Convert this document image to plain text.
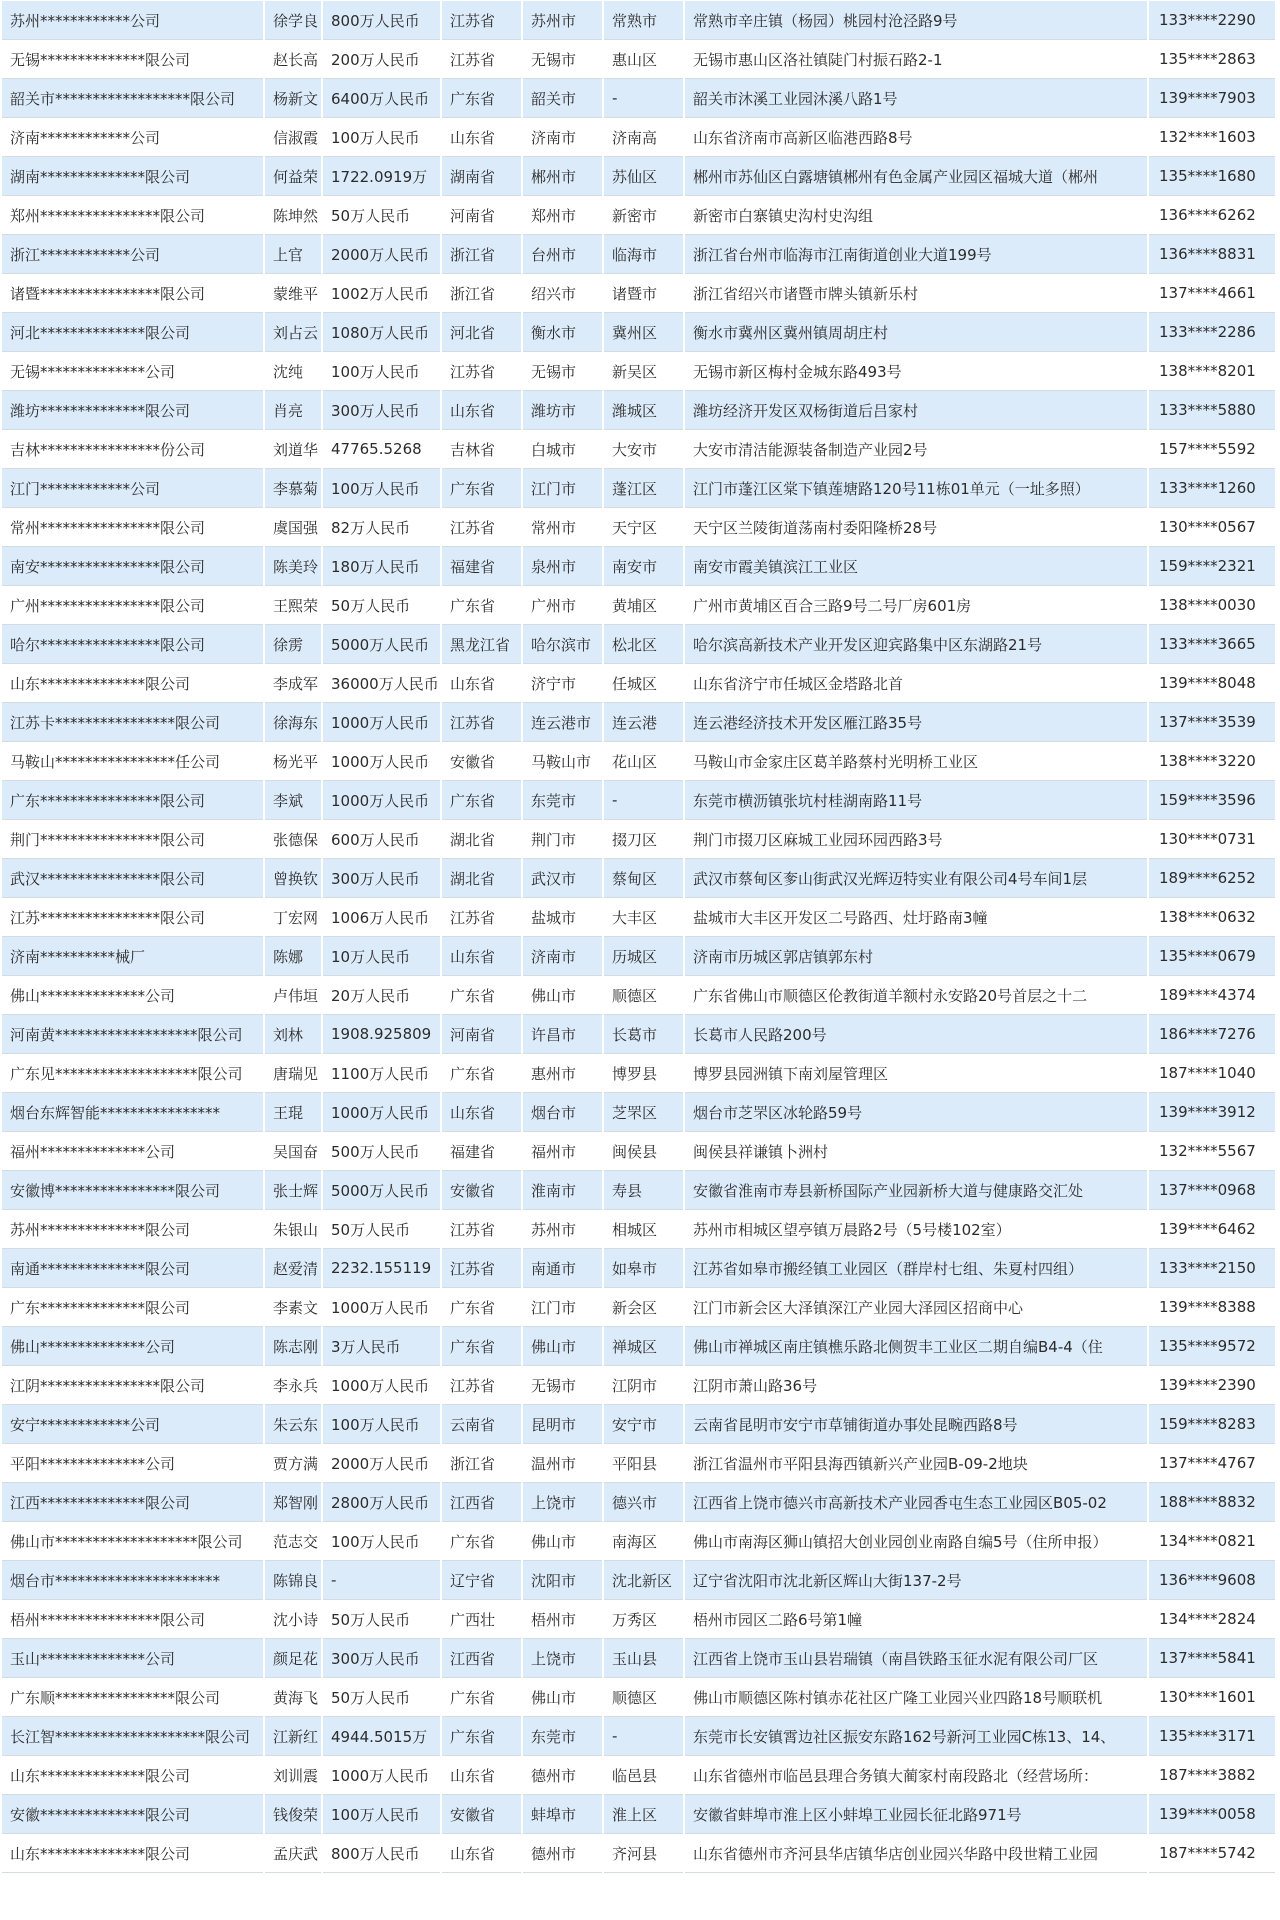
苏州************公司	徐学良	800万人民币	江苏省	苏州市	常熟市	常熟市辛庄镇（杨园）桃园村沧泾路9号	133****2290
无锡**************限公司	赵长高	200万人民币	江苏省	无锡市	惠山区	无锡市惠山区洛社镇陡门村振石路2-1	135****2863
韶关市******************限公司	杨新文	6400万人民币	广东省	韶关市	-	韶关市沐溪工业园沐溪八路1号	139****7903
济南************公司	信淑霞	100万人民币	山东省	济南市	济南高	山东省济南市高新区临港西路8号	132****1603
湖南**************限公司	何益荣	1722.0919万	湖南省	郴州市	苏仙区	郴州市苏仙区白露塘镇郴州有色金属产业园区福城大道（郴州	135****1680
郑州****************限公司	陈坤然	50万人民币	河南省	郑州市	新密市	新密市白寨镇史沟村史沟组	136****6262
浙江************公司	上官	2000万人民币	浙江省	台州市	临海市	浙江省台州市临海市江南街道创业大道199号	136****8831
诸暨****************限公司	蒙维平	1002万人民币	浙江省	绍兴市	诸暨市	浙江省绍兴市诸暨市牌头镇新乐村	137****4661
河北**************限公司	刘占云	1080万人民币	河北省	衡水市	冀州区	衡水市冀州区冀州镇周胡庄村	133****2286
无锡**************公司	沈纯	100万人民币	江苏省	无锡市	新吴区	无锡市新区梅村金城东路493号	138****8201
潍坊**************限公司	肖亮	300万人民币	山东省	潍坊市	潍城区	潍坊经济开发区双杨街道后吕家村	133****5880
吉林****************份公司	刘道华	47765.5268	吉林省	白城市	大安市	大安市清洁能源装备制造产业园2号	157****5592
江门************公司	李慕菊	100万人民币	广东省	江门市	蓬江区	江门市蓬江区棠下镇莲塘路120号11栋01单元（一址多照）	133****1260
常州****************限公司	虞国强	82万人民币	江苏省	常州市	天宁区	天宁区兰陵街道荡南村委阳隆桥28号	130****0567
南安****************限公司	陈美玲	180万人民币	福建省	泉州市	南安市	南安市霞美镇滨江工业区	159****2321
广州****************限公司	王熙荣	50万人民币	广东省	广州市	黄埔区	广州市黄埔区百合三路9号二号厂房601房	138****0030
哈尔****************限公司	徐雳	5000万人民币	黑龙江省	哈尔滨市	松北区	哈尔滨高新技术产业开发区迎宾路集中区东湖路21号	133****3665
山东**************限公司	李成军	36000万人民币	山东省	济宁市	任城区	山东省济宁市任城区金塔路北首	139****8048
江苏卡****************限公司	徐海东	1000万人民币	江苏省	连云港市	连云港	连云港经济技术开发区雁江路35号	137****3539
马鞍山****************任公司	杨光平	1000万人民币	安徽省	马鞍山市	花山区	马鞍山市金家庄区葛羊路蔡村光明桥工业区	138****3220
广东****************限公司	李斌	1000万人民币	广东省	东莞市	-	东莞市横沥镇张坑村桂湖南路11号	159****3596
荆门****************限公司	张德保	600万人民币	湖北省	荆门市	掇刀区	荆门市掇刀区麻城工业园环园西路3号	130****0731
武汉****************限公司	曾换钦	300万人民币	湖北省	武汉市	蔡甸区	武汉市蔡甸区奓山街武汉光辉迈特实业有限公司4号车间1层	189****6252
江苏****************限公司	丁宏网	1006万人民币	江苏省	盐城市	大丰区	盐城市大丰区开发区二号路西、灶圩路南3幢	138****0632
济南**********械厂	陈娜	10万人民币	山东省	济南市	历城区	济南市历城区郭店镇郭东村	135****0679
佛山**************公司	卢伟垣	20万人民币	广东省	佛山市	顺德区	广东省佛山市顺德区伦教街道羊额村永安路20号首层之十二	189****4374
河南黄*******************限公司	刘林	1908.925809	河南省	许昌市	长葛市	长葛市人民路200号	186****7276
广东见*******************限公司	唐瑞见	1100万人民币	广东省	惠州市	博罗县	博罗县园洲镇下南刘屋管理区	187****1040
烟台东辉智能****************	王琨	1000万人民币	山东省	烟台市	芝罘区	烟台市芝罘区冰轮路59号	139****3912
福州**************公司	吴国奋	500万人民币	福建省	福州市	闽侯县	闽侯县祥谦镇卜洲村	132****5567
安徽博****************限公司	张士辉	5000万人民币	安徽省	淮南市	寿县	安徽省淮南市寿县新桥国际产业园新桥大道与健康路交汇处	137****0968
苏州**************限公司	朱银山	50万人民币	江苏省	苏州市	相城区	苏州市相城区望亭镇万晨路2号（5号楼102室）	139****6462
南通**************限公司	赵爱清	2232.155119	江苏省	南通市	如皋市	江苏省如皋市搬经镇工业园区（群岸村七组、朱夏村四组）	133****2150
广东**************限公司	李素文	1000万人民币	广东省	江门市	新会区	江门市新会区大泽镇深江产业园大泽园区招商中心	139****8388
佛山**************公司	陈志刚	3万人民币	广东省	佛山市	禅城区	佛山市禅城区南庄镇樵乐路北侧贺丰工业区二期自编B4-4（住	135****9572
江阴****************限公司	李永兵	1000万人民币	江苏省	无锡市	江阴市	江阴市萧山路36号	139****2390
安宁************公司	朱云东	100万人民币	云南省	昆明市	安宁市	云南省昆明市安宁市草铺街道办事处昆畹西路8号	159****8283
平阳**************公司	贾方满	2000万人民币	浙江省	温州市	平阳县	浙江省温州市平阳县海西镇新兴产业园B-09-2地块	137****4767
江西**************限公司	郑智刚	2800万人民币	江西省	上饶市	德兴市	江西省上饶市德兴市高新技术产业园香屯生态工业园区B05-02	188****8832
佛山市*******************限公司	范志交	100万人民币	广东省	佛山市	南海区	佛山市南海区狮山镇招大创业园创业南路自编5号（住所申报）	134****0821
烟台市**********************	陈锦良	-	辽宁省	沈阳市	沈北新区	辽宁省沈阳市沈北新区辉山大街137-2号	136****9608
梧州****************限公司	沈小诗	50万人民币	广西壮	梧州市	万秀区	梧州市园区二路6号第1幢	134****2824
玉山**************公司	颜足花	300万人民币	江西省	上饶市	玉山县	江西省上饶市玉山县岩瑞镇（南昌铁路玉征水泥有限公司厂区	137****5841
广东顺****************限公司	黄海飞	50万人民币	广东省	佛山市	顺德区	佛山市顺德区陈村镇赤花社区广隆工业园兴业四路18号顺联机	130****1601
长江智********************限公司	江新红	4944.5015万	广东省	东莞市	-	东莞市长安镇霄边社区振安东路162号新河工业园C栋13、14、	135****3171
山东**************限公司	刘训震	1000万人民币	山东省	德州市	临邑县	山东省德州市临邑县理合务镇大蔺家村南段路北（经营场所：	187****3882
安徽**************限公司	钱俊荣	100万人民币	安徽省	蚌埠市	淮上区	安徽省蚌埠市淮上区小蚌埠工业园长征北路971号	139****0058
山东**************限公司	孟庆武	800万人民币	山东省	德州市	齐河县	山东省德州市齐河县华店镇华店创业园兴华路中段世精工业园	187****5742
